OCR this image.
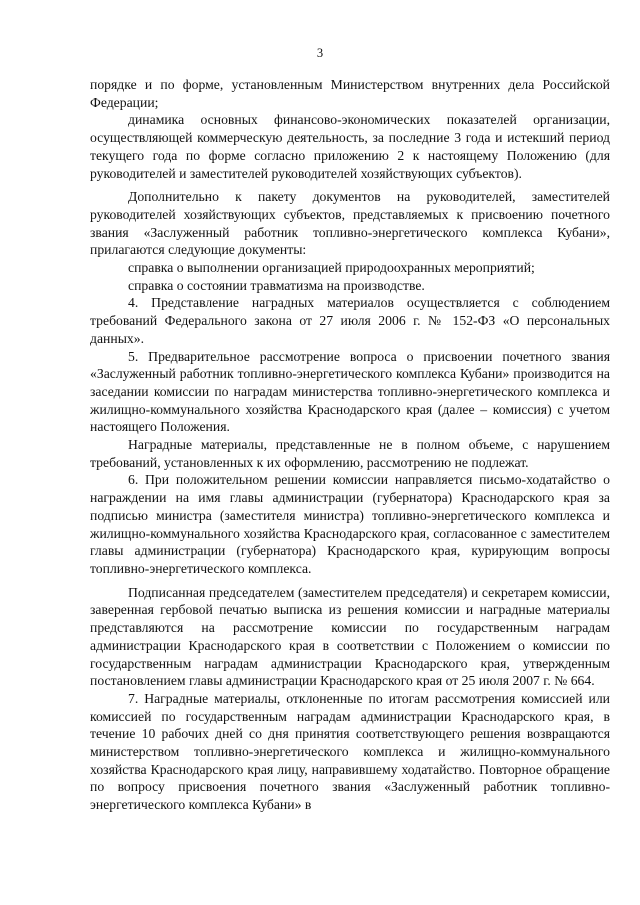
3

порядке и по форме, установленным Министерством внутренних дела Российской Федерации;

динамика основных финансово-экономических показателей организации, осуществляющей коммерческую деятельность, за последние 3 года и истекший период текущего года по форме согласно приложению 2 к настоящему Положению (для руководителей и заместителей руководителей хозяйствующих субъектов).

Дополнительно к пакету документов на руководителей, заместителей руководителей хозяйствующих субъектов, представляемых к присвоению почетного звания «Заслуженный работник топливно-энергетического комплекса Кубани», прилагаются следующие документы:

справка о выполнении организацией природоохранных мероприятий;

справка о состоянии травматизма на производстве.

4. Представление наградных материалов осуществляется с соблюдением требований Федерального закона от 27 июля 2006 г. № 152-ФЗ «О персональных данных».

5. Предварительное рассмотрение вопроса о присвоении почетного звания «Заслуженный работник топливно-энергетического комплекса Кубани» производится на заседании комиссии по наградам министерства топливно-энергетического комплекса и жилищно-коммунального хозяйства Краснодарского края (далее – комиссия) с учетом настоящего Положения.

Наградные материалы, представленные не в полном объеме, с нарушением требований, установленных к их оформлению, рассмотрению не подлежат.

6. При положительном решении комиссии направляется письмо-ходатайство о награждении на имя главы администрации (губернатора) Краснодарского края за подписью министра (заместителя министра) топливно-энергетического комплекса и жилищно-коммунального хозяйства Краснодарского края, согласованное с заместителем главы администрации (губернатора) Краснодарского края, курирующим вопросы топливно-энергетического комплекса.

Подписанная председателем (заместителем председателя) и секретарем комиссии, заверенная гербовой печатью выписка из решения комиссии и наградные материалы представляются на рассмотрение комиссии по государственным наградам администрации Краснодарского края в соответствии с Положением о комиссии по государственным наградам администрации Краснодарского края, утвержденным постановлением главы администрации Краснодарского края от 25 июля 2007 г. № 664.

7. Наградные материалы, отклоненные по итогам рассмотрения комиссией или комиссией по государственным наградам администрации Краснодарского края, в течение 10 рабочих дней со дня принятия соответствующего решения возвращаются министерством топливно-энергетического комплекса и жилищно-коммунального хозяйства Краснодарского края лицу, направившему ходатайство. Повторное обращение по вопросу присвоения почетного звания «Заслуженный работник топливно-энергетического комплекса Кубани» в
